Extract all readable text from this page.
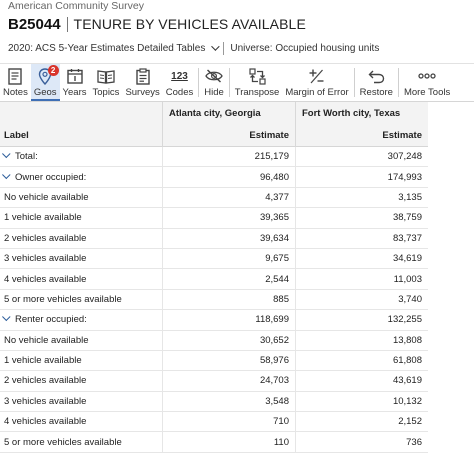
American Community Survey
B25044 TENURE BY VEHICLES AVAILABLE
2020: ACS 5-Year Estimates Detailed Tables	Universe: Occupied housing units
Notes
2
Geos Years Topics Surveys
123
Codes Hide Transpose Margin of Error Restore More Tools
	Atlanta city, Georgia	Fort Worth city, Texas
Label	Estimate	Estimate
Total:	215,179	307,248
Owner occupied:	96,480	174,993
No vehicle available	4,377	3,135
1 vehicle available	39,365	38,759
2 vehicles available	39,634	83,737
3 vehicles available	9,675	34,619
4 vehicles available	2,544	11,003
5 or more vehicles available	885	3,740
Renter occupied:	118,699	132,255
No vehicle available	30,652	13,808
1 vehicle available	58,976	61,808
2 vehicles available	24,703	43,619
3 vehicles available	3,548	10,132
4 vehicles available	710	2,152
5 or more vehicles available	110	736
